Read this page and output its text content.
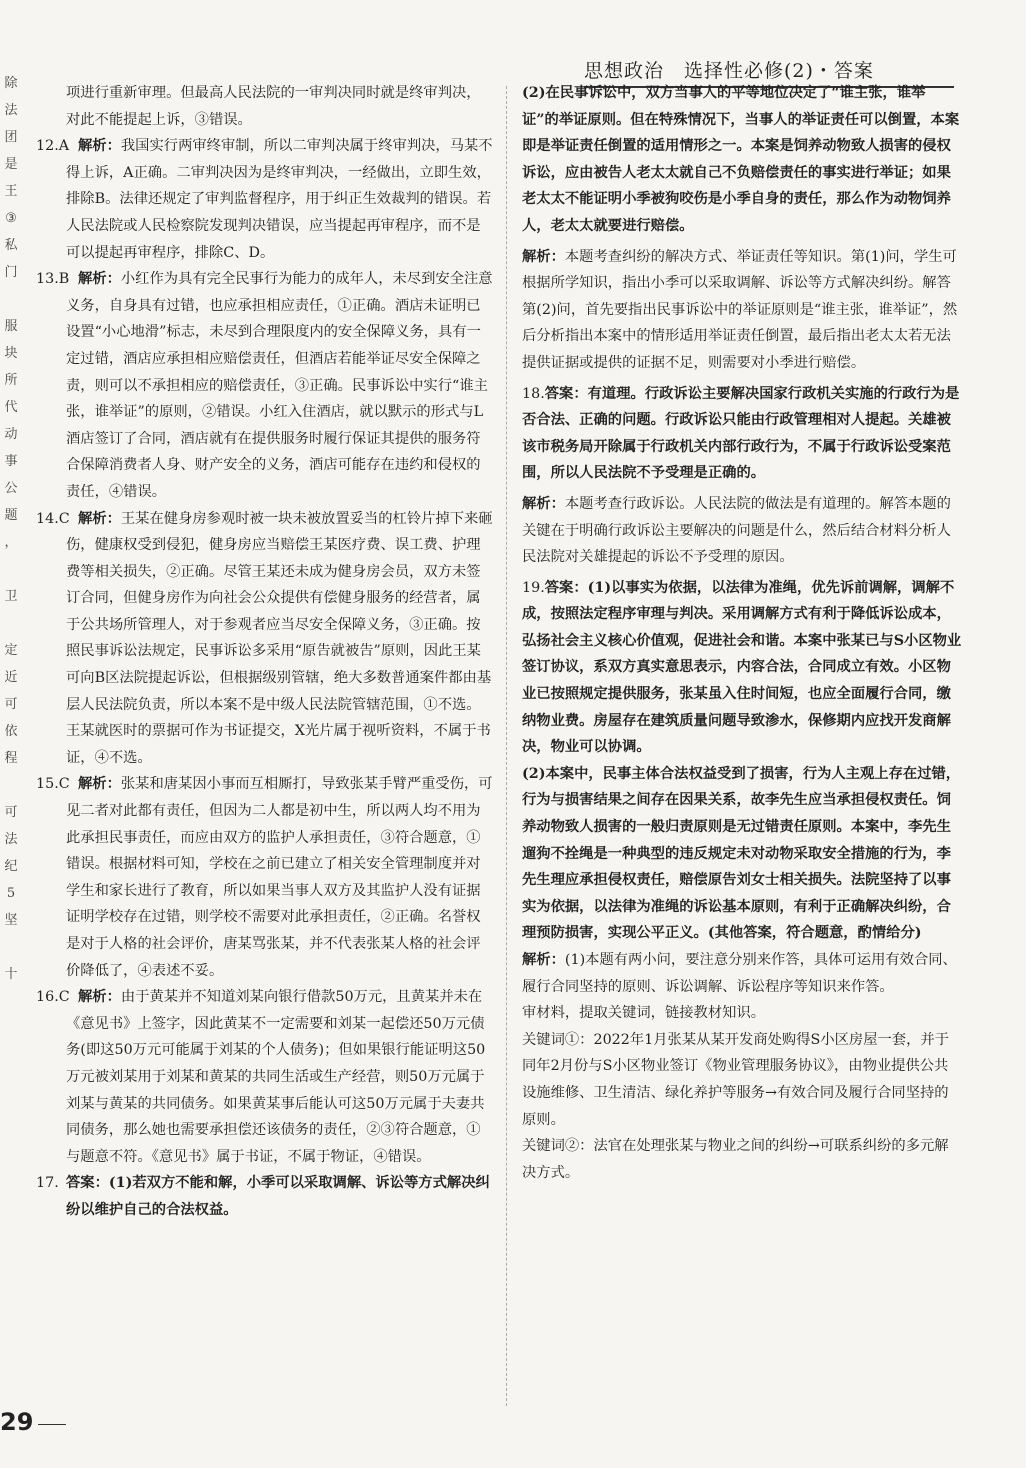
除
法
团
是
王
③
私
门

服
块
所
代
动
事
公
题
，

卫

定
近
可
依
程

可
法
纪
5
坚

十
思想政治　选择性必修(2)・答案

项进行重新审理。但最高人民法院的一审判决同时就是终审判决，对此不能提起上诉，③错误。

12.A 解析：我国实行两审终审制，所以二审判决属于终审判决，马某不得上诉，A正确。二审判决因为是终审判决，一经做出，立即生效，排除B。法律还规定了审判监督程序，用于纠正生效裁判的错误。若人民法院或人民检察院发现判决错误，应当提起再审程序，而不是可以提起再审程序，排除C、D。

13.B 解析：小红作为具有完全民事行为能力的成年人，未尽到安全注意义务，自身具有过错，也应承担相应责任，①正确。酒店未证明已设置“小心地滑”标志，未尽到合理限度内的安全保障义务，具有一定过错，酒店应承担相应赔偿责任，但酒店若能举证尽安全保障之责，则可以不承担相应的赔偿责任，③正确。民事诉讼中实行“谁主张，谁举证”的原则，②错误。小红入住酒店，就以默示的形式与L酒店签订了合同，酒店就有在提供服务时履行保证其提供的服务符合保障消费者人身、财产安全的义务，酒店可能存在违约和侵权的责任，④错误。

14.C 解析：王某在健身房参观时被一块未被放置妥当的杠铃片掉下来砸伤，健康权受到侵犯，健身房应当赔偿王某医疗费、误工费、护理费等相关损失，②正确。尽管王某还未成为健身房会员，双方未签订合同，但健身房作为向社会公众提供有偿健身服务的经营者，属于公共场所管理人，对于参观者应当尽安全保障义务，③正确。按照民事诉讼法规定，民事诉讼多采用“原告就被告”原则，因此王某可向B区法院提起诉讼，但根据级别管辖，绝大多数普通案件都由基层人民法院负责，所以本案不是中级人民法院管辖范围，①不选。王某就医时的票据可作为书证提交，X光片属于视听资料，不属于书证，④不选。

15.C 解析：张某和唐某因小事而互相厮打，导致张某手臂严重受伤，可见二者对此都有责任，但因为二人都是初中生，所以两人均不用为此承担民事责任，而应由双方的监护人承担责任，③符合题意，①错误。根据材料可知，学校在之前已建立了相关安全管理制度并对学生和家长进行了教育，所以如果当事人双方及其监护人没有证据证明学校存在过错，则学校不需要对此承担责任，②正确。名誉权是对于人格的社会评价，唐某骂张某，并不代表张某人格的社会评价降低了，④表述不妥。

16.C 解析：由于黄某并不知道刘某向银行借款50万元，且黄某并未在《意见书》上签字，因此黄某不一定需要和刘某一起偿还50万元债务(即这50万元可能属于刘某的个人债务)；但如果银行能证明这50万元被刘某用于刘某和黄某的共同生活或生产经营，则50万元属于刘某与黄某的共同债务。如果黄某事后能认可这50万元属于夫妻共同债务，那么她也需要承担偿还该债务的责任，②③符合题意，①与题意不符。《意见书》属于书证，不属于物证，④错误。

17. 答案：(1)若双方不能和解，小季可以采取调解、诉讼等方式解决纠纷以维护自己的合法权益。

(2)在民事诉讼中，双方当事人的平等地位决定了“谁主张，谁举证”的举证原则。但在特殊情况下，当事人的举证责任可以倒置，本案即是举证责任倒置的适用情形之一。本案是饲养动物致人损害的侵权诉讼，应由被告人老太太就自己不负赔偿责任的事实进行举证；如果老太太不能证明小季被狗咬伤是小季自身的责任，那么作为动物饲养人，老太太就要进行赔偿。

解析：本题考查纠纷的解决方式、举证责任等知识。第(1)问，学生可根据所学知识，指出小季可以采取调解、诉讼等方式解决纠纷。解答第(2)问，首先要指出民事诉讼中的举证原则是“谁主张，谁举证”，然后分析指出本案中的情形适用举证责任倒置，最后指出老太太若无法提供证据或提供的证据不足，则需要对小季进行赔偿。

18.答案：有道理。行政诉讼主要解决国家行政机关实施的行政行为是否合法、正确的问题。行政诉讼只能由行政管理相对人提起。关雄被该市税务局开除属于行政机关内部行政行为，不属于行政诉讼受案范围，所以人民法院不予受理是正确的。

解析：本题考查行政诉讼。人民法院的做法是有道理的。解答本题的关键在于明确行政诉讼主要解决的问题是什么，然后结合材料分析人民法院对关雄提起的诉讼不予受理的原因。

19.答案：(1)以事实为依据，以法律为准绳，优先诉前调解，调解不成，按照法定程序审理与判决。采用调解方式有利于降低诉讼成本，弘扬社会主义核心价值观，促进社会和谐。本案中张某已与S小区物业签订协议，系双方真实意思表示，内容合法，合同成立有效。小区物业已按照规定提供服务，张某虽入住时间短，也应全面履行合同，缴纳物业费。房屋存在建筑质量问题导致渗水，保修期内应找开发商解决，物业可以协调。

(2)本案中，民事主体合法权益受到了损害，行为人主观上存在过错，行为与损害结果之间存在因果关系，故李先生应当承担侵权责任。饲养动物致人损害的一般归责原则是无过错责任原则。本案中，李先生遛狗不拴绳是一种典型的违反规定未对动物采取安全措施的行为，李先生理应承担侵权责任，赔偿原告刘女士相关损失。法院坚持了以事实为依据，以法律为准绳的诉讼基本原则，有利于正确解决纠纷，合理预防损害，实现公平正义。(其他答案，符合题意，酌情给分)

解析：(1)本题有两小问，要注意分别来作答，具体可运用有效合同、履行合同坚持的原则、诉讼调解、诉讼程序等知识来作答。

审材料，提取关键词，链接教材知识。

关键词①：2022年1月张某从某开发商处购得S小区房屋一套，并于同年2月份与S小区物业签订《物业管理服务协议》，由物业提供公共设施维修、卫生清洁、绿化养护等服务→有效合同及履行合同坚持的原则。

关键词②：法官在处理张某与物业之间的纠纷→可联系纠纷的多元解决方式。

29
